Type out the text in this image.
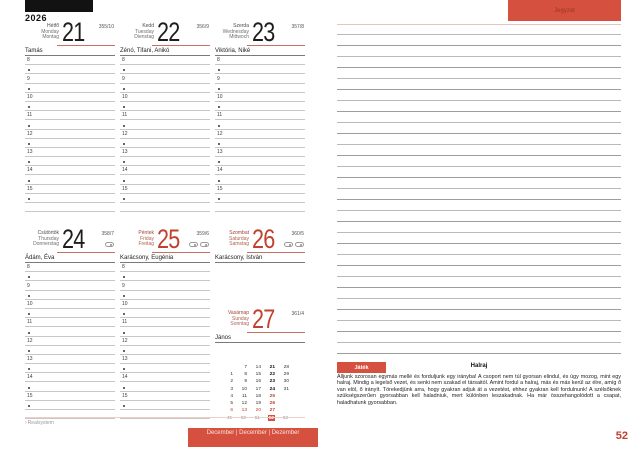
2026
Hétfő
Monday
Montag 21	355/10
Tamás
8
9
10
11
12
13
14
15
Kedd
Tuesday
Dienstag 22	356/9
Zénó, Tifani, Anikó
8
9
10
11
12
13
14
15
Szerda
Wednesday
Mittwoch 23	357/8
Viktória, Niké
8
9
10
11
12
13
14
15
Csütörtök
Thursday
Donnerstag 24	358/7
Ádám, Éva
8
9
10
11
12
13
14
15
Péntek
Friday
Freitag 25	359/6
Karácsony, Eugénia
8
9
10
11
12
13
14
15
Szombat
Saturday
Samstag 26	360/5
Karácsony, István
Vasárnap
Sunday
Sonntag 27	361/4
János
7 14 21 28
1 8 15 22 29
2 9 16 23 30
3 10 17 24 31
4 11 18 25
5 12 19 26
6 13 20 27
49 50 51 52 53
›Realsystem
December | December | Dezember	52
Jegyzet
Játék	Halraj
Álljunk szorosan egymás mellé és forduljunk egy irányba! A csoport nem túl gyorsan elindul, és úgy mozog, mint egy halraj. Mindig a legelső vezet, és senki nem szakad el társaitól. Amint fordul a halraj, más és más kerül az élre, amíg ő van elöl, ő irányít. Törekedjünk arra, hogy gyakran adjuk át a vezetést, ehhez gyakran kell fordulnunk! A szélsőknek szükségszerűen gyorsabban kell haladniuk, mert különben leszakadnak. Ha már összehangolódott a csapat, haladhatunk gyorsabban.
